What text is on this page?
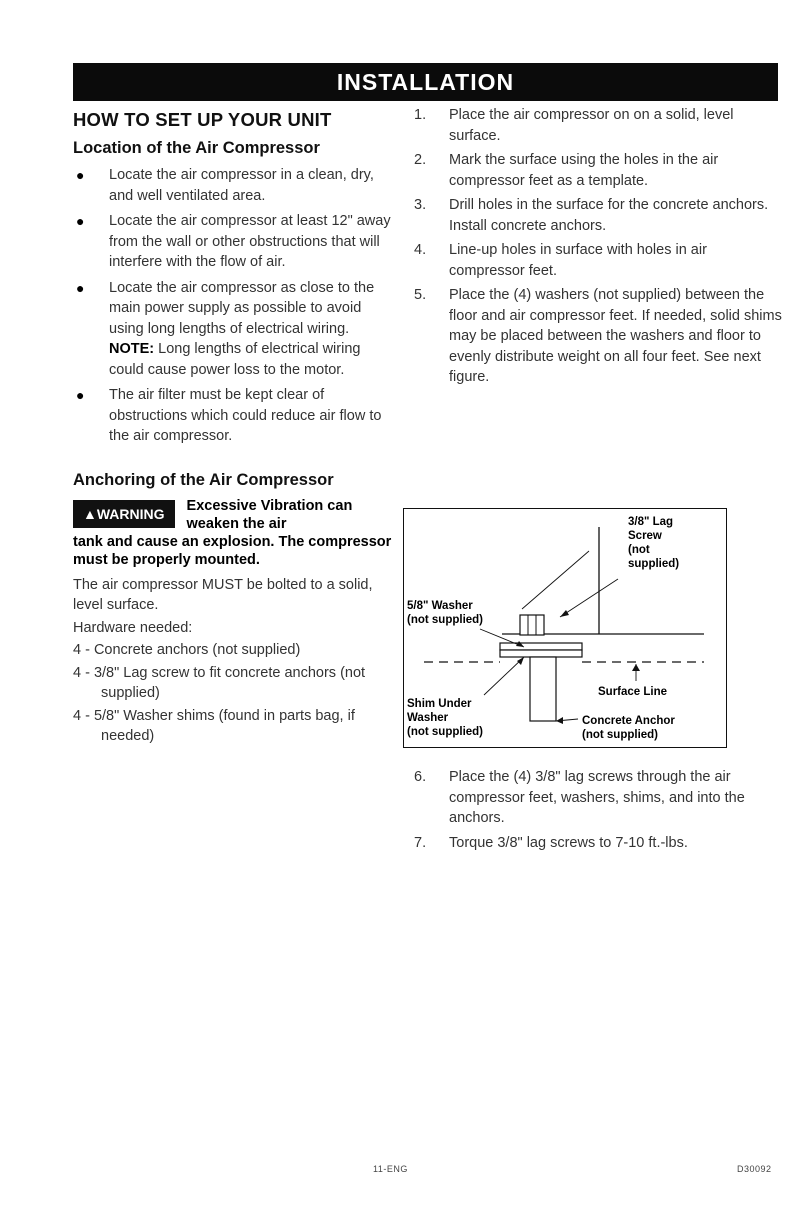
INSTALLATION
HOW TO SET UP YOUR UNIT
Location of the Air Compressor
● Locate the air compressor in a clean, dry, and well ventilated area.
● Locate the air compressor at least 12" away from the wall or other obstructions that will interfere with the flow of air.
● Locate the air compressor as close to the main power supply as possible to avoid using long lengths of electrical wiring.
NOTE: Long lengths of electrical wiring could cause power loss to the motor.
● The air filter must be kept clear of obstructions which could reduce air flow to the air compressor.
Anchoring of the Air Compressor
▲WARNING	Excessive Vibration can weaken the air

tank and cause an explosion. The compressor must be properly mounted.

The air compressor MUST be bolted to a solid, level surface.

Hardware needed:

4 - Concrete anchors (not supplied)

4 - 3/8" Lag screw to fit concrete anchors (not supplied)

4 - 5/8" Washer shims (found in parts bag, if needed)

1. Place the air compressor on on a solid, level surface.
2. Mark the surface using the holes in the air compressor feet as a template.
3. Drill holes in the surface for the concrete anchors. Install concrete anchors.
4. Line-up holes in surface with holes in air compressor feet.
5. Place the (4) washers (not supplied) between the floor and air compressor feet. If needed, solid shims may be placed between the washers and floor to evenly distribute weight on all four feet. See next figure.
6. Place the (4) 3/8" lag screws through the air compressor feet, washers, shims, and into the anchors.
7. Torque 3/8" lag screws to 7-10 ft.-lbs.
3/8" Lag
Screw
(not
supplied)
5/8" Washer
(not supplied)
Shim Under
Washer
(not supplied)
Surface Line
Concrete Anchor
(not supplied)
11-ENG	D30092
